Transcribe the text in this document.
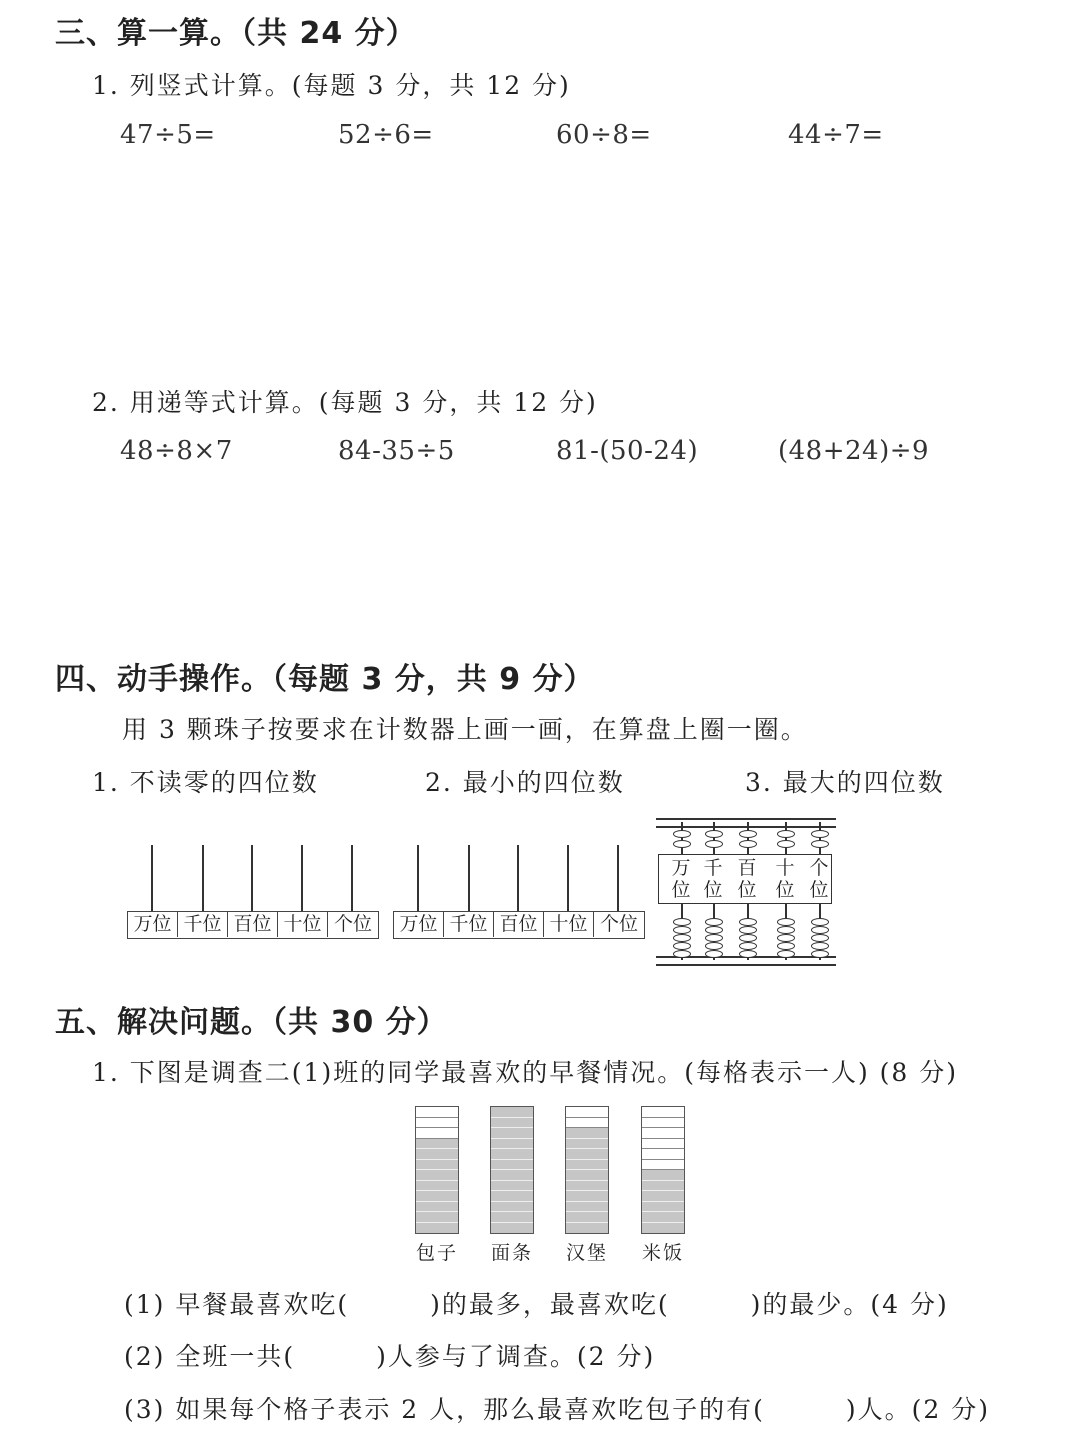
三、算一算。（共 24 分）
1. 列竖式计算。(每题 3 分，共 12 分)
47÷5=	52÷6=	60÷8=	44÷7=
2. 用递等式计算。(每题 3 分，共 12 分)
48÷8×7	84-35÷5	81-(50-24)	(48+24)÷9
四、动手操作。（每题 3 分，共 9 分）
用 3 颗珠子按要求在计数器上画一画，在算盘上圈一圈。
1. 不读零的四位数	2. 最小的四位数	3. 最大的四位数
万位 千位 百位 十位 个位	万位 千位 百位 十位 个位
万
位
千
位
百
位
十
位
个
位
五、解决问题。（共 30 分）
1. 下图是调查二(1)班的同学最喜欢的早餐情况。(每格表示一人) (8 分)
包子	面条	汉堡	米饭
(1) 早餐最喜欢吃(　　　)的最多，最喜欢吃(　　　)的最少。(4 分)
(2) 全班一共(　　　)人参与了调查。(2 分)
(3) 如果每个格子表示 2 人，那么最喜欢吃包子的有(　　　)人。(2 分)
